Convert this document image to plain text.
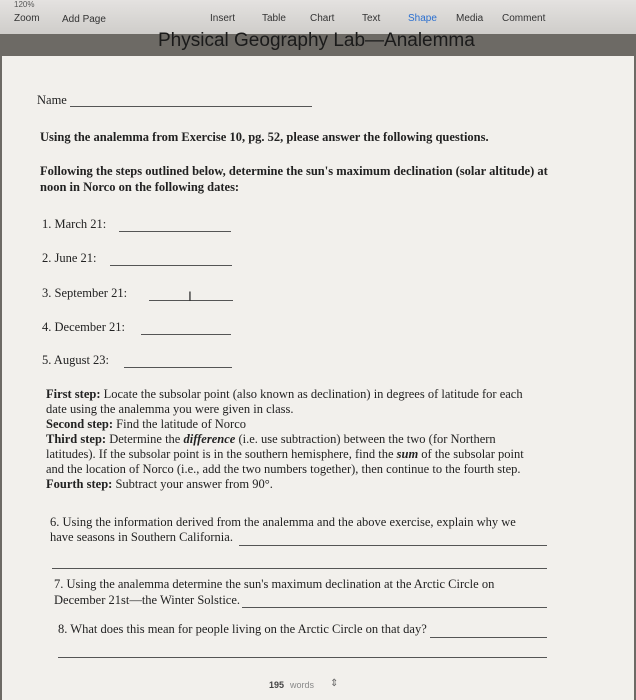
120%
Zoom Add Page	Insert	Table Chart	Text	Shape Media Comment
Physical Geography Lab—Analemma
Name
Using the analemma from Exercise 10, pg. 52, please answer the following questions.
Following the steps outlined below, determine the sun's maximum declination (solar altitude) at
noon in Norco on the following dates:
1. March 21:
2. June 21:
3. September 21:
4. December 21:
5. August 23:
First step: Locate the subsolar point (also known as declination) in degrees of latitude for each
date using the analemma you were given in class.
Second step: Find the latitude of Norco
Third step: Determine the difference (i.e. use subtraction) between the two (for Northern
latitudes). If the subsolar point is in the southern hemisphere, find the sum of the subsolar point
and the location of Norco (i.e., add the two numbers together), then continue to the fourth step.
Fourth step: Subtract your answer from 90°.
6. Using the information derived from the analemma and the above exercise, explain why we
have seasons in Southern California.
7. Using the analemma determine the sun's maximum declination at the Arctic Circle on
December 21st—the Winter Solstice.
8. What does this mean for people living on the Arctic Circle on that day?
I
195 words ⇕
